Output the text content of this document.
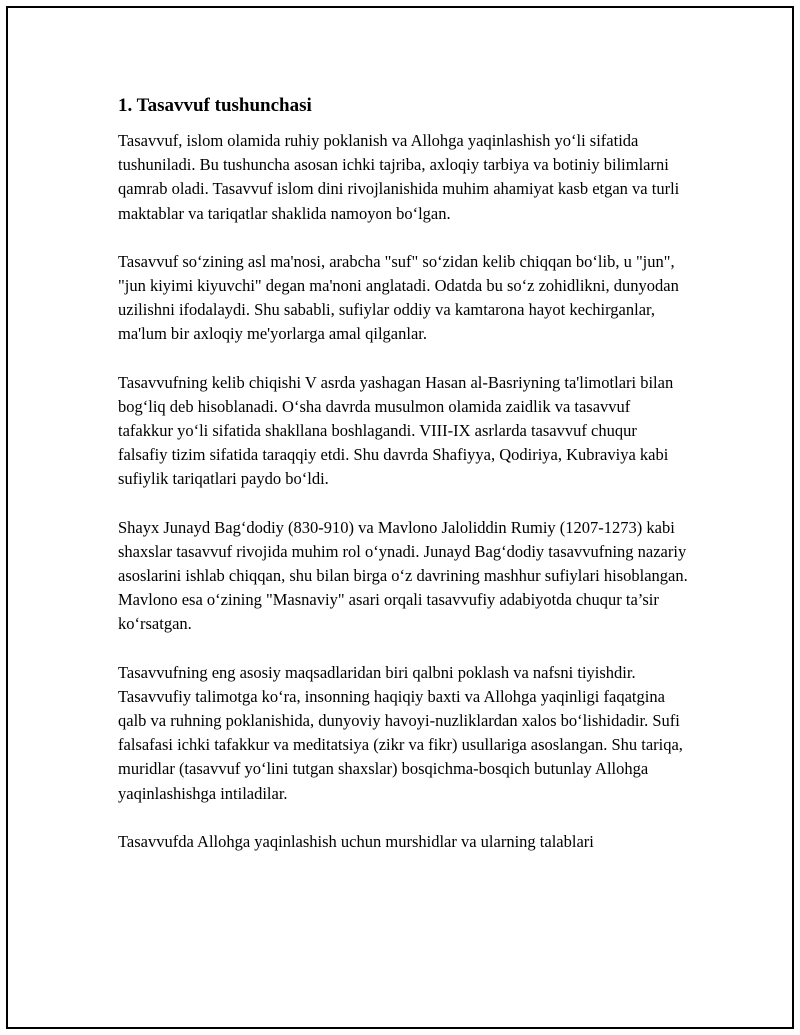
1. Tasavvuf tushunchasi

Tasavvuf, islom olamida ruhiy poklanish va Allohga yaqinlashish yo‘li sifatida tushuniladi. Bu tushuncha asosan ichki tajriba, axloqiy tarbiya va botiniy bilimlarni qamrab oladi. Tasavvuf islom dini rivojlanishida muhim ahamiyat kasb etgan va turli maktablar va tariqatlar shaklida namoyon bo‘lgan.

Tasavvuf so‘zining asl ma'nosi, arabcha "suf" so‘zidan kelib chiqqan bo‘lib, u "jun", "jun kiyimi kiyuvchi" degan ma'noni anglatadi. Odatda bu so‘z zohidlikni, dunyodan uzilishni ifodalaydi. Shu sababli, sufiylar oddiy va kamtarona hayot kechirganlar, ma'lum bir axloqiy me'yorlarga amal qilganlar.

Tasavvufning kelib chiqishi V asrda yashagan Hasan al-Basriyning ta'limotlari bilan bog‘liq deb hisoblanadi. O‘sha davrda musulmon olamida zaidlik va tasavvuf tafakkur yo‘li sifatida shakllana boshlagandi. VIII-IX asrlarda tasavvuf chuqur falsafiy tizim sifatida taraqqiy etdi. Shu davrda Shafiyya, Qodiriya, Kubraviya kabi sufiylik tariqatlari paydo bo‘ldi.

Shayx Junayd Bag‘dodiy (830-910) va Mavlono Jaloliddin Rumiy (1207-1273) kabi shaxslar tasavvuf rivojida muhim rol o‘ynadi. Junayd Bag‘dodiy tasavvufning nazariy asoslarini ishlab chiqqan, shu bilan birga o‘z davrining mashhur sufiylari hisoblangan. Mavlono esa o‘zining "Masnaviy" asari orqali tasavvufiy adabiyotda chuqur ta’sir ko‘rsatgan.

Tasavvufning eng asosiy maqsadlaridan biri qalbni poklash va nafsni tiyishdir. Tasavvufiy talimotga ko‘ra, insonning haqiqiy baxti va Allohga yaqinligi faqatgina qalb va ruhning poklanishida, dunyoviy havoyi-nuzliklardan xalos bo‘lishidadir. Sufi falsafasi ichki tafakkur va meditatsiya (zikr va fikr) usullariga asoslangan. Shu tariqa, muridlar (tasavvuf yo‘lini tutgan shaxslar) bosqichma-bosqich butunlay Allohga yaqinlashishga intiladilar.

Tasavvufda Allohga yaqinlashish uchun murshidlar va ularning talablari
